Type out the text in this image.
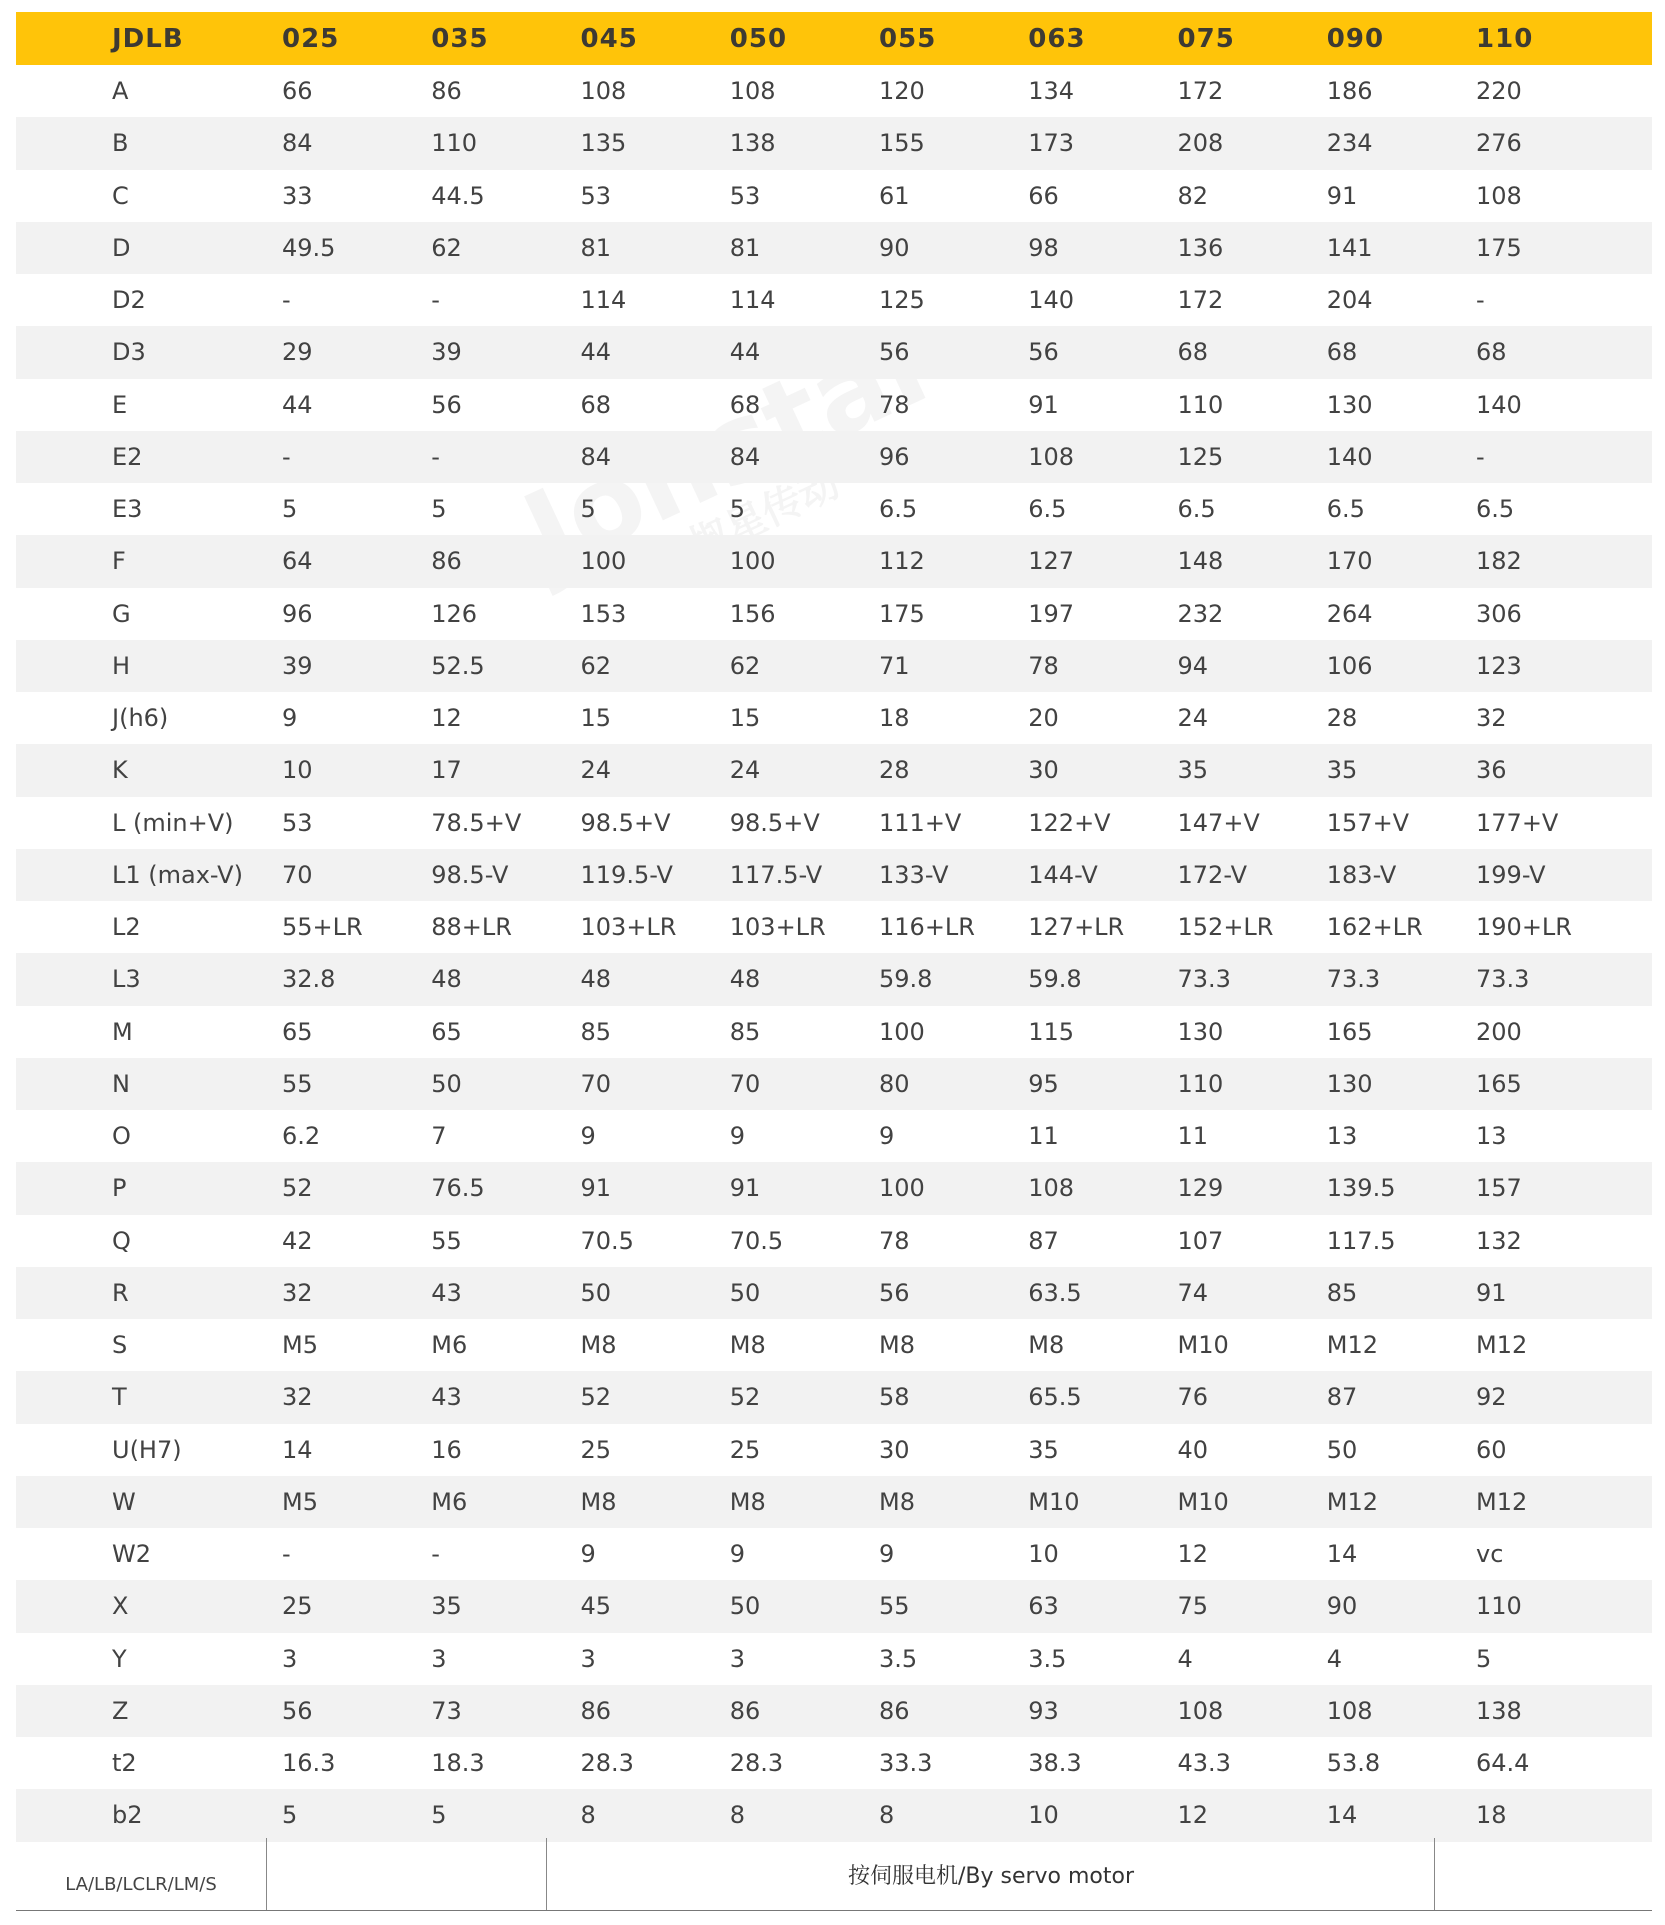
JDLB	025	035	045	050	055	063	075	090	110
A	66	86	108	108	120	134	172	186	220
B	84	110	135	138	155	173	208	234	276
C	33	44.5	53	53	61	66	82	91	108
D	49.5	62	81	81	90	98	136	141	175
D2	-	-	114	114	125	140	172	204	-
D3	29	39	44	44	56	56	68	68	68
E	44	56	68	68	78	91	110	130	140
E2	-	-	84	84	96	108	125	140	-
E3	5	5	5	5	6.5	6.5	6.5	6.5	6.5
F	64	86	100	100	112	127	148	170	182
G	96	126	153	156	175	197	232	264	306
H	39	52.5	62	62	71	78	94	106	123
J(h6)	9	12	15	15	18	20	24	28	32
K	10	17	24	24	28	30	35	35	36
L (min+V)	53	78.5+V	98.5+V	98.5+V	111+V	122+V	147+V	157+V	177+V
L1 (max-V)	70	98.5-V	119.5-V	117.5-V	133-V	144-V	172-V	183-V	199-V
L2	55+LR	88+LR	103+LR	103+LR	116+LR	127+LR	152+LR	162+LR	190+LR
L3	32.8	48	48	48	59.8	59.8	73.3	73.3	73.3
M	65	65	85	85	100	115	130	165	200
N	55	50	70	70	80	95	110	130	165
O	6.2	7	9	9	9	11	11	13	13
P	52	76.5	91	91	100	108	129	139.5	157
Q	42	55	70.5	70.5	78	87	107	117.5	132
R	32	43	50	50	56	63.5	74	85	91
S	M5	M6	M8	M8	M8	M8	M10	M12	M12
T	32	43	52	52	58	65.5	76	87	92
U(H7)	14	16	25	25	30	35	40	50	60
W	M5	M6	M8	M8	M8	M10	M10	M12	M12
W2	-	-	9	9	9	10	12	14	vc
X	25	35	45	50	55	63	75	90	110
Y	3	3	3	3	3.5	3.5	4	4	5
Z	56	73	86	86	86	93	108	108	138
t2	16.3	18.3	28.3	28.3	33.3	38.3	43.3	53.8	64.4
b2	5	5	8	8	8	10	12	14	18
LA/LB/LCLR/LM/S	按伺服电机/By servo motor
